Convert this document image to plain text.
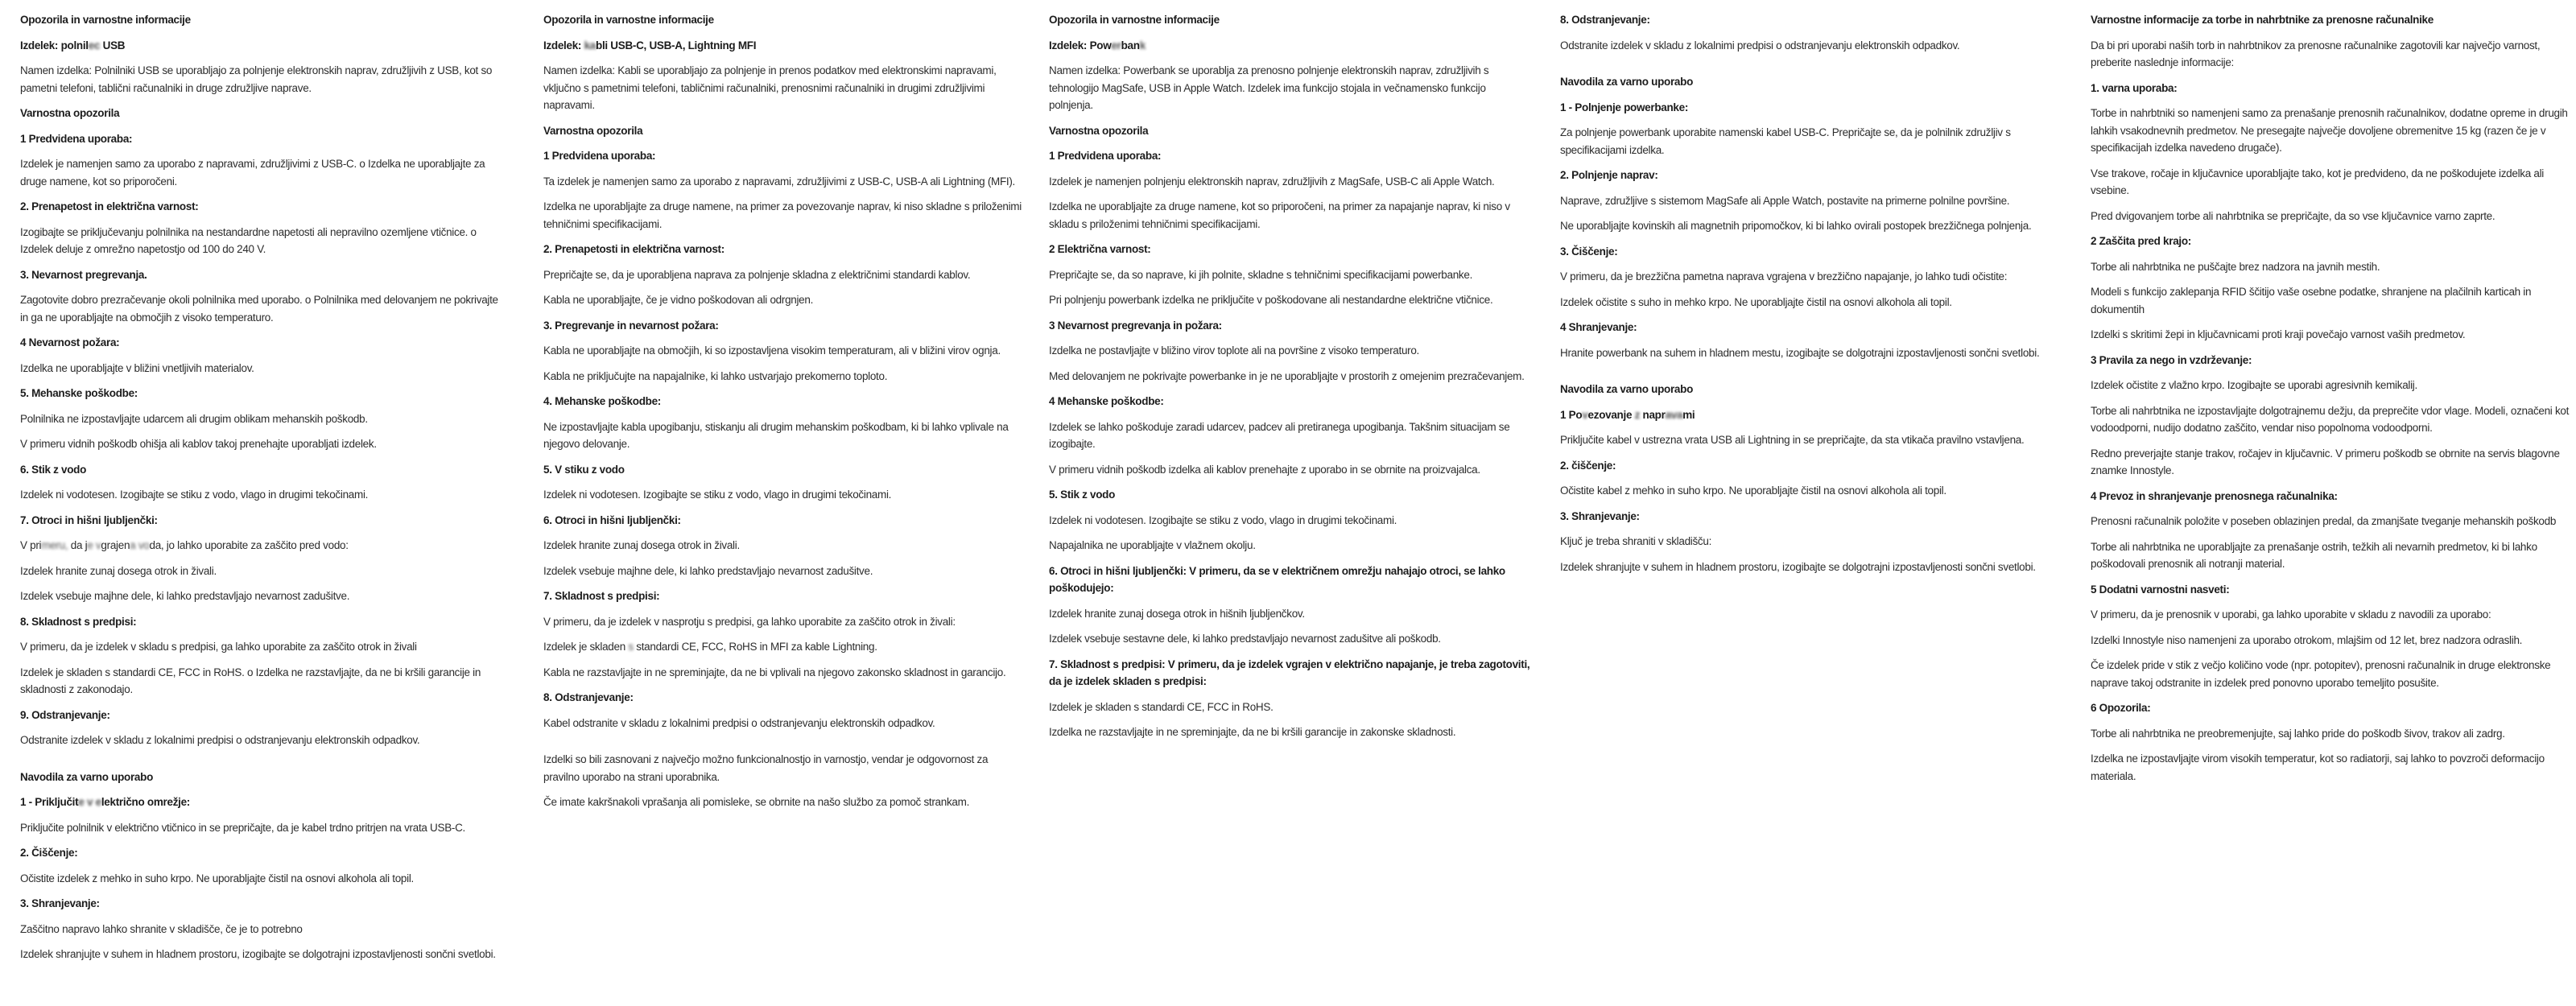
Opozorila in varnostne informacije
Izdelek: polnilec USB
Namen izdelka: Polnilniki USB se uporabljajo za polnjenje elektronskih naprav, združljivih z USB, kot so pametni telefoni, tablični računalniki in druge združljive naprave.
Varnostna opozorila
1 Predvidena uporaba:
Izdelek je namenjen samo za uporabo z napravami, združljivimi z USB-C. o Izdelka ne uporabljajte za druge namene, kot so priporočeni.
2. Prenapetost in električna varnost:
Izogibajte se priključevanju polnilnika na nestandardne napetosti ali nepravilno ozemljene vtičnice. o Izdelek deluje z omrežno napetostjo od 100 do 240 V.
3. Nevarnost pregrevanja.
Zagotovite dobro prezračevanje okoli polnilnika med uporabo. o Polnilnika med delovanjem ne pokrivajte in ga ne uporabljajte na območjih z visoko temperaturo.
4 Nevarnost požara:
Izdelka ne uporabljajte v bližini vnetljivih materialov.
5. Mehanske poškodbe:
Polnilnika ne izpostavljajte udarcem ali drugim oblikam mehanskih poškodb.
V primeru vidnih poškodb ohišja ali kablov takoj prenehajte uporabljati izdelek.
6. Stik z vodo
Izdelek ni vodotesen. Izogibajte se stiku z vodo, vlago in drugimi tekočinami.
7. Otroci in hišni ljubljenčki:
V primeru, da je vgrajena voda, jo lahko uporabite za zaščito pred vodo:
Izdelek hranite zunaj dosega otrok in živali.
Izdelek vsebuje majhne dele, ki lahko predstavljajo nevarnost zadušitve.
8. Skladnost s predpisi:
V primeru, da je izdelek v skladu s predpisi, ga lahko uporabite za zaščito otrok in živali
Izdelek je skladen s standardi CE, FCC in RoHS. o Izdelka ne razstavljajte, da ne bi kršili garancije in skladnosti z zakonodajo.
9. Odstranjevanje:
Odstranite izdelek v skladu z lokalnimi predpisi o odstranjevanju elektronskih odpadkov.
Navodila za varno uporabo
1 - Priključite v električno omrežje:
Priključite polnilnik v električno vtičnico in se prepričajte, da je kabel trdno pritrjen na vrata USB-C.
2. Čiščenje:
Očistite izdelek z mehko in suho krpo. Ne uporabljajte čistil na osnovi alkohola ali topil.
3. Shranjevanje:
Zaščitno napravo lahko shranite v skladišče, če je to potrebno
Izdelek shranjujte v suhem in hladnem prostoru, izogibajte se dolgotrajni izpostavljenosti sončni svetlobi.
Opozorila in varnostne informacije
Izdelek: kabli USB-C, USB-A, Lightning MFI
Namen izdelka: Kabli se uporabljajo za polnjenje in prenos podatkov med elektronskimi napravami, vključno s pametnimi telefoni, tabličnimi računalniki, prenosnimi računalniki in drugimi združljivimi napravami.
Varnostna opozorila
1 Predvidena uporaba:
Ta izdelek je namenjen samo za uporabo z napravami, združljivimi z USB-C, USB-A ali Lightning (MFI).
Izdelka ne uporabljajte za druge namene, na primer za povezovanje naprav, ki niso skladne s priloženimi tehničnimi specifikacijami.
2. Prenapetosti in električna varnost:
Prepričajte se, da je uporabljena naprava za polnjenje skladna z električnimi standardi kablov.
Kabla ne uporabljajte, če je vidno poškodovan ali odrgnjen.
3. Pregrevanje in nevarnost požara:
Kabla ne uporabljajte na območjih, ki so izpostavljena visokim temperaturam, ali v bližini virov ognja.
Kabla ne priključujte na napajalnike, ki lahko ustvarjajo prekomerno toploto.
4. Mehanske poškodbe:
Ne izpostavljajte kabla upogibanju, stiskanju ali drugim mehanskim poškodbam, ki bi lahko vplivale na njegovo delovanje.
5. V stiku z vodo
Izdelek ni vodotesen. Izogibajte se stiku z vodo, vlago in drugimi tekočinami.
6. Otroci in hišni ljubljenčki:
Izdelek hranite zunaj dosega otrok in živali.
Izdelek vsebuje majhne dele, ki lahko predstavljajo nevarnost zadušitve.
7. Skladnost s predpisi:
V primeru, da je izdelek v nasprotju s predpisi, ga lahko uporabite za zaščito otrok in živali:
Izdelek je skladen s standardi CE, FCC, RoHS in MFI za kable Lightning.
Kabla ne razstavljajte in ne spreminjajte, da ne bi vplivali na njegovo zakonsko skladnost in garancijo.
8. Odstranjevanje:
Kabel odstranite v skladu z lokalnimi predpisi o odstranjevanju elektronskih odpadkov.
Izdelki so bili zasnovani z največjo možno funkcionalnostjo in varnostjo, vendar je odgovornost za pravilno uporabo na strani uporabnika.
Če imate kakršnakoli vprašanja ali pomisleke, se obrnite na našo službo za pomoč strankam.
Opozorila in varnostne informacije
Izdelek: Powerbank
Namen izdelka: Powerbank se uporablja za prenosno polnjenje elektronskih naprav, združljivih s tehnologijo MagSafe, USB in Apple Watch. Izdelek ima funkcijo stojala in večnamensko funkcijo polnjenja.
Varnostna opozorila
1 Predvidena uporaba:
Izdelek je namenjen polnjenju elektronskih naprav, združljivih z MagSafe, USB-C ali Apple Watch.
Izdelka ne uporabljajte za druge namene, kot so priporočeni, na primer za napajanje naprav, ki niso v skladu s priloženimi tehničnimi specifikacijami.
2 Električna varnost:
Prepričajte se, da so naprave, ki jih polnite, skladne s tehničnimi specifikacijami powerbanke.
Pri polnjenju powerbank izdelka ne priključite v poškodovane ali nestandardne električne vtičnice.
3 Nevarnost pregrevanja in požara:
Izdelka ne postavljajte v bližino virov toplote ali na površine z visoko temperaturo.
Med delovanjem ne pokrivajte powerbanke in je ne uporabljajte v prostorih z omejenim prezračevanjem.
4 Mehanske poškodbe:
Izdelek se lahko poškoduje zaradi udarcev, padcev ali pretiranega upogibanja. Takšnim situacijam se izogibajte.
V primeru vidnih poškodb izdelka ali kablov prenehajte z uporabo in se obrnite na proizvajalca.
5. Stik z vodo
Izdelek ni vodotesen. Izogibajte se stiku z vodo, vlago in drugimi tekočinami.
Napajalnika ne uporabljajte v vlažnem okolju.
6. Otroci in hišni ljubljenčki: V primeru, da se v električnem omrežju nahajajo otroci, se lahko poškodujejo:
Izdelek hranite zunaj dosega otrok in hišnih ljubljenčkov.
Izdelek vsebuje sestavne dele, ki lahko predstavljajo nevarnost zadušitve ali poškodb.
7. Skladnost s predpisi: V primeru, da je izdelek vgrajen v električno napajanje, je treba zagotoviti, da je izdelek skladen s predpisi:
Izdelek je skladen s standardi CE, FCC in RoHS.
Izdelka ne razstavljajte in ne spreminjajte, da ne bi kršili garancije in zakonske skladnosti.
8. Odstranjevanje:
Odstranite izdelek v skladu z lokalnimi predpisi o odstranjevanju elektronskih odpadkov.
Navodila za varno uporabo
1 - Polnjenje powerbanke:
Za polnjenje powerbank uporabite namenski kabel USB-C. Prepričajte se, da je polnilnik združljiv s specifikacijami izdelka.
2. Polnjenje naprav:
Naprave, združljive s sistemom MagSafe ali Apple Watch, postavite na primerne polnilne površine.
Ne uporabljajte kovinskih ali magnetnih pripomočkov, ki bi lahko ovirali postopek brezžičnega polnjenja.
3. Čiščenje:
V primeru, da je brezžična pametna naprava vgrajena v brezžično napajanje, jo lahko tudi očistite:
Izdelek očistite s suho in mehko krpo. Ne uporabljajte čistil na osnovi alkohola ali topil.
4 Shranjevanje:
Hranite powerbank na suhem in hladnem mestu, izogibajte se dolgotrajni izpostavljenosti sončni svetlobi.
Navodila za varno uporabo
1 Povezovanje z napravami
Priključite kabel v ustrezna vrata USB ali Lightning in se prepričajte, da sta vtikača pravilno vstavljena.
2. čiščenje:
Očistite kabel z mehko in suho krpo. Ne uporabljajte čistil na osnovi alkohola ali topil.
3. Shranjevanje:
Ključ je treba shraniti v skladišču:
Izdelek shranjujte v suhem in hladnem prostoru, izogibajte se dolgotrajni izpostavljenosti sončni svetlobi.
Varnostne informacije za torbe in nahrbtnike za prenosne računalnike
Da bi pri uporabi naših torb in nahrbtnikov za prenosne računalnike zagotovili kar največjo varnost, preberite naslednje informacije:
1. varna uporaba:
Torbe in nahrbtniki so namenjeni samo za prenašanje prenosnih računalnikov, dodatne opreme in drugih lahkih vsakodnevnih predmetov. Ne presegajte največje dovoljene obremenitve 15 kg (razen če je v specifikacijah izdelka navedeno drugače).
Vse trakove, ročaje in ključavnice uporabljajte tako, kot je predvideno, da ne poškodujete izdelka ali vsebine.
Pred dvigovanjem torbe ali nahrbtnika se prepričajte, da so vse ključavnice varno zaprte.
2 Zaščita pred krajo:
Torbe ali nahrbtnika ne puščajte brez nadzora na javnih mestih.
Modeli s funkcijo zaklepanja RFID ščitijo vaše osebne podatke, shranjene na plačilnih karticah in dokumentih
Izdelki s skritimi žepi in ključavnicami proti kraji povečajo varnost vaših predmetov.
3 Pravila za nego in vzdrževanje:
Izdelek očistite z vlažno krpo. Izogibajte se uporabi agresivnih kemikalij.
Torbe ali nahrbtnika ne izpostavljajte dolgotrajnemu dežju, da preprečite vdor vlage. Modeli, označeni kot vodoodporni, nudijo dodatno zaščito, vendar niso popolnoma vodoodporni.
Redno preverjajte stanje trakov, ročajev in ključavnic. V primeru poškodb se obrnite na servis blagovne znamke Innostyle.
4 Prevoz in shranjevanje prenosnega računalnika:
Prenosni računalnik položite v poseben oblazinjen predal, da zmanjšate tveganje mehanskih poškodb
Torbe ali nahrbtnika ne uporabljajte za prenašanje ostrih, težkih ali nevarnih predmetov, ki bi lahko poškodovali prenosnik ali notranji material.
5 Dodatni varnostni nasveti:
V primeru, da je prenosnik v uporabi, ga lahko uporabite v skladu z navodili za uporabo:
Izdelki Innostyle niso namenjeni za uporabo otrokom, mlajšim od 12 let, brez nadzora odraslih.
Če izdelek pride v stik z večjo količino vode (npr. potopitev), prenosni računalnik in druge elektronske naprave takoj odstranite in izdelek pred ponovno uporabo temeljito posušite.
6 Opozorila:
Torbe ali nahrbtnika ne preobremenjujte, saj lahko pride do poškodb šivov, trakov ali zadrg.
Izdelka ne izpostavljajte virom visokih temperatur, kot so radiatorji, saj lahko to povzroči deformacijo materiala.
